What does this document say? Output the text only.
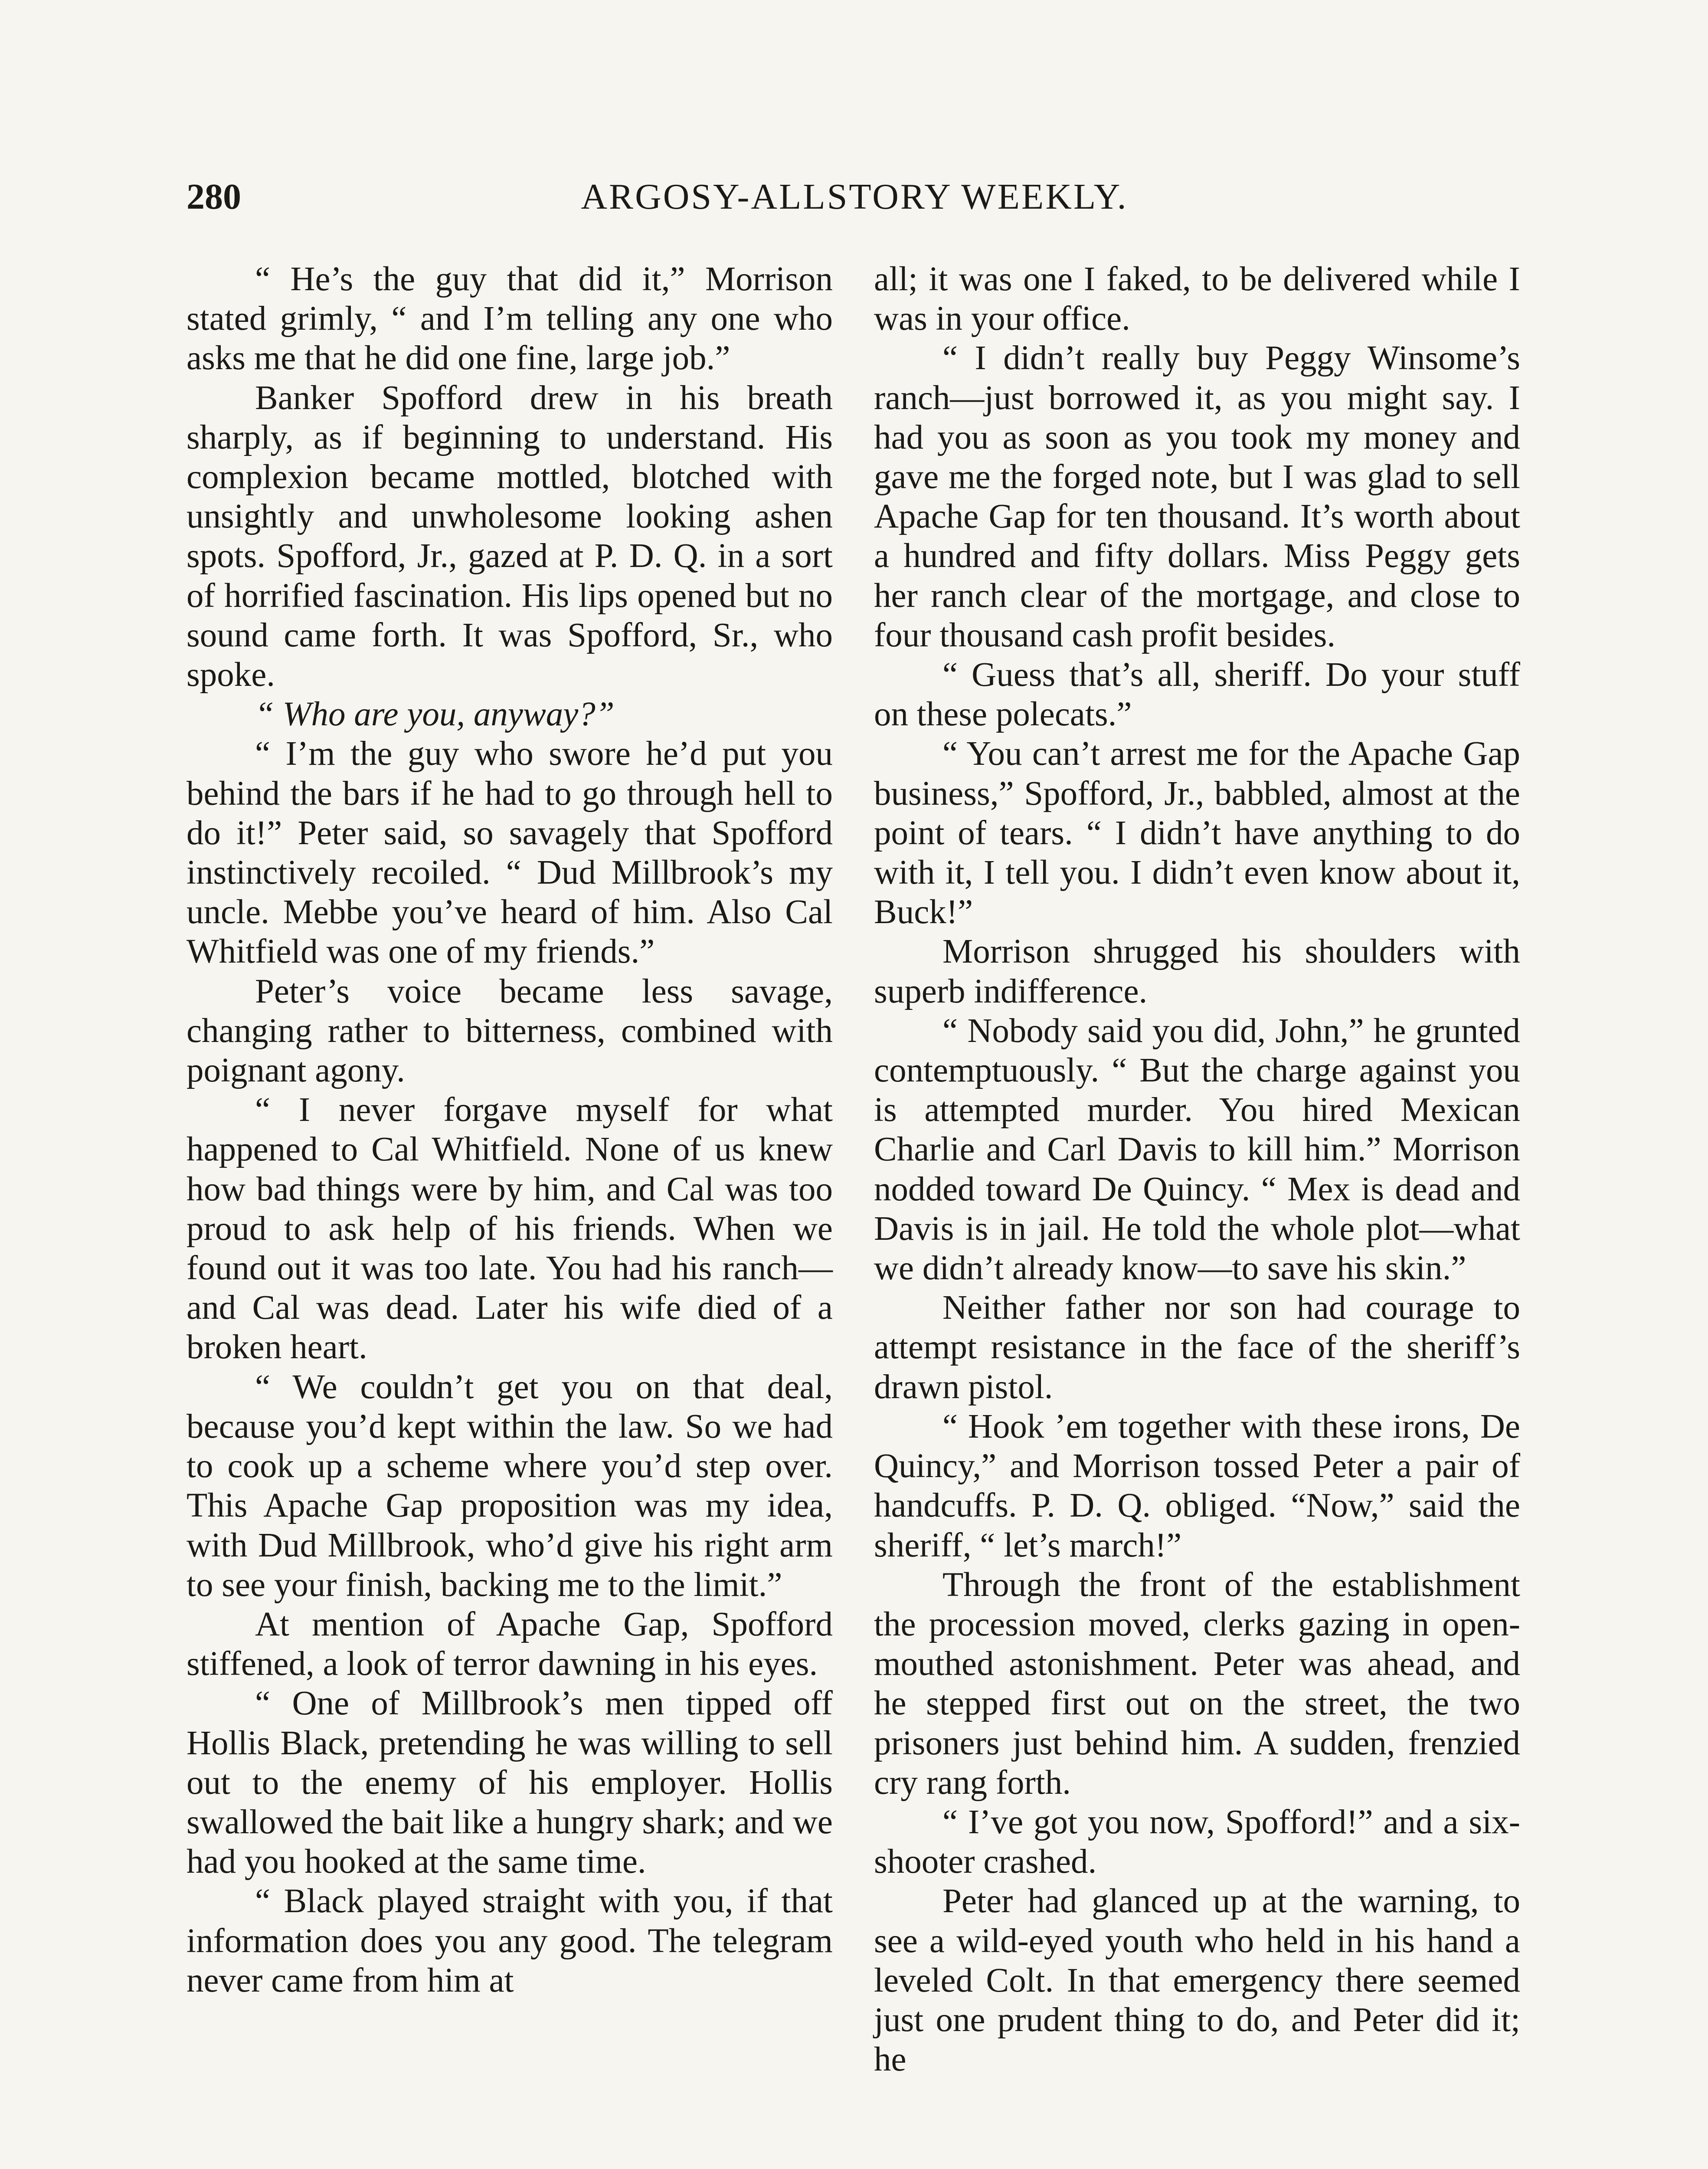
ARGOSY-ALLSTORY WEEKLY.
280

“ He’s the guy that did it,” Morrison stated grimly, “ and I’m telling any one who asks me that he did one fine, large job.”

Banker Spofford drew in his breath sharply, as if beginning to understand. His complexion became mottled, blotched with unsightly and unwholesome looking ashen spots. Spofford, Jr., gazed at P. D. Q. in a sort of horrified fascination. His lips opened but no sound came forth. It was Spofford, Sr., who spoke.

“ Who are you, anyway?”

“ I’m the guy who swore he’d put you behind the bars if he had to go through hell to do it!” Peter said, so savagely that Spofford instinctively recoiled. “ Dud Millbrook’s my uncle. Mebbe you’ve heard of him. Also Cal Whitfield was one of my friends.”

Peter’s voice became less savage, changing rather to bitterness, combined with poignant agony.

“ I never forgave myself for what happened to Cal Whitfield. None of us knew how bad things were by him, and Cal was too proud to ask help of his friends. When we found out it was too late. You had his ranch—and Cal was dead. Later his wife died of a broken heart.

“ We couldn’t get you on that deal, because you’d kept within the law. So we had to cook up a scheme where you’d step over. This Apache Gap proposition was my idea, with Dud Millbrook, who’d give his right arm to see your finish, backing me to the limit.”

At mention of Apache Gap, Spofford stiffened, a look of terror dawning in his eyes.

“ One of Millbrook’s men tipped off Hollis Black, pretending he was willing to sell out to the enemy of his employer. Hollis swallowed the bait like a hungry shark; and we had you hooked at the same time.

“ Black played straight with you, if that information does you any good. The telegram never came from him at

all; it was one I faked, to be delivered while I was in your office.

“ I didn’t really buy Peggy Winsome’s ranch—just borrowed it, as you might say. I had you as soon as you took my money and gave me the forged note, but I was glad to sell Apache Gap for ten thousand. It’s worth about a hundred and fifty dollars. Miss Peggy gets her ranch clear of the mortgage, and close to four thousand cash profit besides.

“ Guess that’s all, sheriff. Do your stuff on these polecats.”

“ You can’t arrest me for the Apache Gap business,” Spofford, Jr., babbled, almost at the point of tears. “ I didn’t have anything to do with it, I tell you. I didn’t even know about it, Buck!”

Morrison shrugged his shoulders with superb indifference.

“ Nobody said you did, John,” he grunted contemptuously. “ But the charge against you is attempted murder. You hired Mexican Charlie and Carl Davis to kill him.” Morrison nodded toward De Quincy. “ Mex is dead and Davis is in jail. He told the whole plot—what we didn’t already know—to save his skin.”

Neither father nor son had courage to attempt resistance in the face of the sheriff’s drawn pistol.

“ Hook ’em together with these irons, De Quincy,” and Morrison tossed Peter a pair of handcuffs. P. D. Q. obliged. “Now,” said the sheriff, “ let’s march!”

Through the front of the establishment the procession moved, clerks gazing in open-mouthed astonishment. Peter was ahead, and he stepped first out on the street, the two prisoners just behind him. A sudden, frenzied cry rang forth.

“ I’ve got you now, Spofford!” and a six-shooter crashed.

Peter had glanced up at the warning, to see a wild-eyed youth who held in his hand a leveled Colt. In that emergency there seemed just one prudent thing to do, and Peter did it; he
